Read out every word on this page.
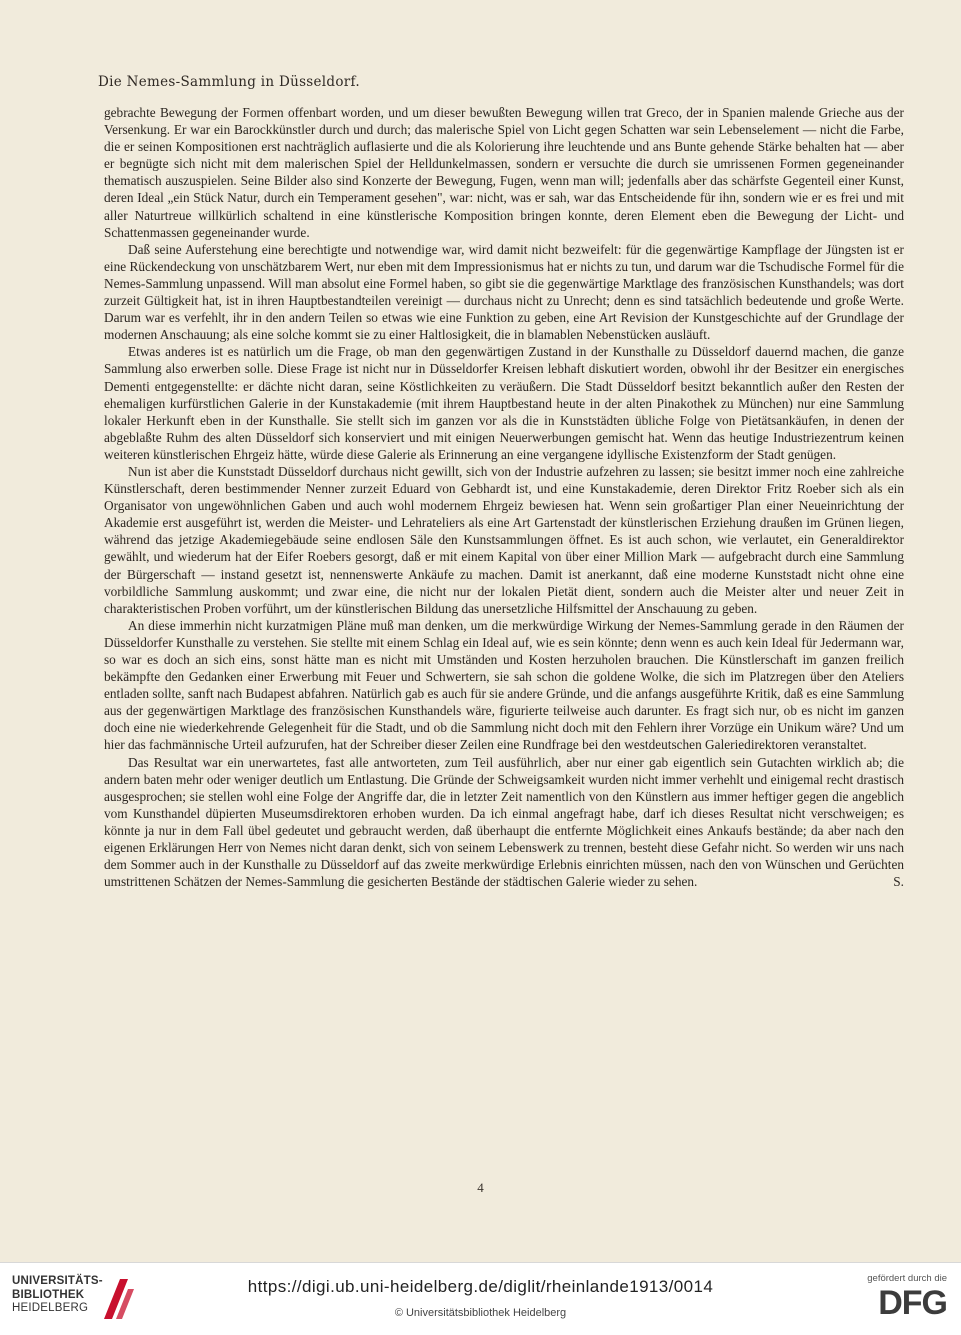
Die Nemes-Sammlung in Düsseldorf.

gebrachte Bewegung der Formen offenbart worden, und um dieser bewußten Bewegung willen trat Greco, der in Spanien malende Grieche aus der Versenkung. Er war ein Barockkünstler durch und durch; das malerische Spiel von Licht gegen Schatten war sein Lebenselement — nicht die Farbe, die er seinen Kompositionen erst nachträglich auflasierte und die als Kolorierung ihre leuchtende und ans Bunte gehende Stärke behalten hat — aber er begnügte sich nicht mit dem malerischen Spiel der Helldunkelmassen, sondern er versuchte die durch sie umrissenen Formen gegeneinander thematisch auszuspielen. Seine Bilder also sind Konzerte der Bewegung, Fugen, wenn man will; jedenfalls aber das schärfste Gegenteil einer Kunst, deren Ideal „ein Stück Natur, durch ein Temperament gesehen", war: nicht, was er sah, war das Entscheidende für ihn, sondern wie er es frei und mit aller Naturtreue willkürlich schaltend in eine künstlerische Komposition bringen konnte, deren Element eben die Bewegung der Licht- und Schattenmassen gegeneinander wurde.

Daß seine Auferstehung eine berechtigte und notwendige war, wird damit nicht bezweifelt: für die gegenwärtige Kampflage der Jüngsten ist er eine Rückendeckung von unschätzbarem Wert, nur eben mit dem Impressionismus hat er nichts zu tun, und darum war die Tschudische Formel für die Nemes-Sammlung unpassend. Will man absolut eine Formel haben, so gibt sie die gegenwärtige Marktlage des französischen Kunsthandels; was dort zurzeit Gültigkeit hat, ist in ihren Hauptbestandteilen vereinigt — durchaus nicht zu Unrecht; denn es sind tatsächlich bedeutende und große Werte. Darum war es verfehlt, ihr in den andern Teilen so etwas wie eine Funktion zu geben, eine Art Revision der Kunstgeschichte auf der Grundlage der modernen Anschauung; als eine solche kommt sie zu einer Haltlosigkeit, die in blamablen Nebenstücken ausläuft.

Etwas anderes ist es natürlich um die Frage, ob man den gegenwärtigen Zustand in der Kunsthalle zu Düsseldorf dauernd machen, die ganze Sammlung also erwerben solle. Diese Frage ist nicht nur in Düsseldorfer Kreisen lebhaft diskutiert worden, obwohl ihr der Besitzer ein energisches Dementi entgegenstellte: er dächte nicht daran, seine Köstlichkeiten zu veräußern. Die Stadt Düsseldorf besitzt bekanntlich außer den Resten der ehemaligen kurfürstlichen Galerie in der Kunstakademie (mit ihrem Hauptbestand heute in der alten Pinakothek zu München) nur eine Sammlung lokaler Herkunft eben in der Kunsthalle. Sie stellt sich im ganzen vor als die in Kunststädten übliche Folge von Pietätsankäufen, in denen der abgeblaßte Ruhm des alten Düsseldorf sich konserviert und mit einigen Neuerwerbungen gemischt hat. Wenn das heutige Industriezentrum keinen weiteren künstlerischen Ehrgeiz hätte, würde diese Galerie als Erinnerung an eine vergangene idyllische Existenzform der Stadt genügen.

Nun ist aber die Kunststadt Düsseldorf durchaus nicht gewillt, sich von der Industrie aufzehren zu lassen; sie besitzt immer noch eine zahlreiche Künstlerschaft, deren bestimmender Nenner zurzeit Eduard von Gebhardt ist, und eine Kunstakademie, deren Direktor Fritz Roeber sich als ein Organisator von ungewöhnlichen Gaben und auch wohl modernem Ehrgeiz bewiesen hat. Wenn sein großartiger Plan einer Neueinrichtung der Akademie erst ausgeführt ist, werden die Meister- und Lehrateliers als eine Art Gartenstadt der künstlerischen Erziehung draußen im Grünen liegen, während das jetzige Akademiegebäude seine endlosen Säle den Kunstsammlungen öffnet. Es ist auch schon, wie verlautet, ein Generaldirektor gewählt, und wiederum hat der Eifer Roebers gesorgt, daß er mit einem Kapital von über einer Million Mark — aufgebracht durch eine Sammlung der Bürgerschaft — instand gesetzt ist, nennenswerte Ankäufe zu machen. Damit ist anerkannt, daß eine moderne Kunststadt nicht ohne eine vorbildliche Sammlung auskommt; und zwar eine, die nicht nur der lokalen Pietät dient, sondern auch die Meister alter und neuer Zeit in charakteristischen Proben vorführt, um der künstlerischen Bildung das unersetzliche Hilfsmittel der Anschauung zu geben.

An diese immerhin nicht kurzatmigen Pläne muß man denken, um die merkwürdige Wirkung der Nemes-Sammlung gerade in den Räumen der Düsseldorfer Kunsthalle zu verstehen. Sie stellte mit einem Schlag ein Ideal auf, wie es sein könnte; denn wenn es auch kein Ideal für Jedermann war, so war es doch an sich eins, sonst hätte man es nicht mit Umständen und Kosten herzuholen brauchen. Die Künstlerschaft im ganzen freilich bekämpfte den Gedanken einer Erwerbung mit Feuer und Schwertern, sie sah schon die goldene Wolke, die sich im Platzregen über den Ateliers entladen sollte, sanft nach Budapest abfahren. Natürlich gab es auch für sie andere Gründe, und die anfangs ausgeführte Kritik, daß es eine Sammlung aus der gegenwärtigen Marktlage des französischen Kunsthandels wäre, figurierte teilweise auch darunter. Es fragt sich nur, ob es nicht im ganzen doch eine nie wiederkehrende Gelegenheit für die Stadt, und ob die Sammlung nicht doch mit den Fehlern ihrer Vorzüge ein Unikum wäre? Und um hier das fachmännische Urteil aufzurufen, hat der Schreiber dieser Zeilen eine Rundfrage bei den westdeutschen Galeriedirektoren veranstaltet.

Das Resultat war ein unerwartetes, fast alle antworteten, zum Teil ausführlich, aber nur einer gab eigentlich sein Gutachten wirklich ab; die andern baten mehr oder weniger deutlich um Entlastung. Die Gründe der Schweigsamkeit wurden nicht immer verhehlt und einigemal recht drastisch ausgesprochen; sie stellen wohl eine Folge der Angriffe dar, die in letzter Zeit namentlich von den Künstlern aus immer heftiger gegen die angeblich vom Kunsthandel düpierten Museumsdirektoren erhoben wurden. Da ich einmal angefragt habe, darf ich dieses Resultat nicht verschweigen; es könnte ja nur in dem Fall übel gedeutet und gebraucht werden, daß überhaupt die entfernte Möglichkeit eines Ankaufs bestände; da aber nach den eigenen Erklärungen Herr von Nemes nicht daran denkt, sich von seinem Lebenswerk zu trennen, besteht diese Gefahr nicht. So werden wir uns nach dem Sommer auch in der Kunsthalle zu Düsseldorf auf das zweite merkwürdige Erlebnis einrichten müssen, nach den von Wünschen und Gerüchten umstrittenen Schätzen der Nemes-Sammlung die gesicherten Bestände der städtischen Galerie wieder zu sehen.	S.

4
UNIVERSITÄTS-
BIBLIOTHEK
HEIDELBERG
https://digi.ub.uni-heidelberg.de/diglit/rheinlande1913/0014
© Universitätsbibliothek Heidelberg
gefördert durch die
DFG
